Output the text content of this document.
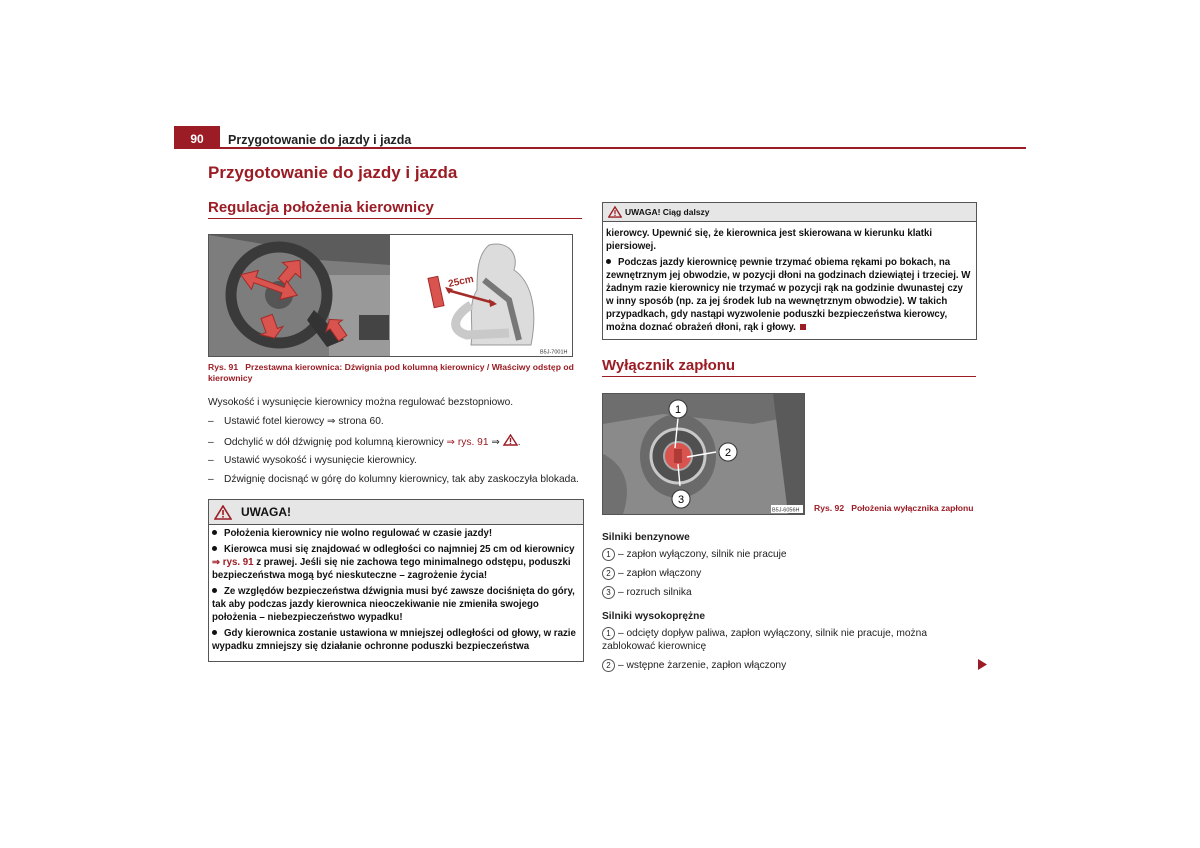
90	Przygotowanie do jazdy i jazda
Przygotowanie do jazdy i jazda
Regulacja położenia kierownicy
25cm
B5J-7001H
Rys. 91 Przestawna kierownica: Dźwignia pod kolumną kierownicy / Właściwy odstęp od kierownicy
Wysokość i wysunięcie kierownicy można regulować bezstopniowo.
– Ustawić fotel kierowcy ⇒ strona 60.
– Odchylić w dół dźwignię pod kolumną kierownicy ⇒ rys. 91 ⇒ .
– Ustawić wysokość i wysunięcie kierownicy.
– Dźwignię docisnąć w górę do kolumny kierownicy, tak aby zaskoczyła blokada.
UWAGA!
Położenia kierownicy nie wolno regulować w czasie jazdy!
Kierowca musi się znajdować w odległości co najmniej 25 cm od kierownicy ⇒ rys. 91 z prawej. Jeśli się nie zachowa tego minimalnego odstępu, poduszki bezpieczeństwa mogą być nieskuteczne – zagrożenie życia!
Ze względów bezpieczeństwa dźwignia musi być zawsze dociśnięta do góry, tak aby podczas jazdy kierownica nieoczekiwanie nie zmieniła swojego położenia – niebezpieczeństwo wypadku!
Gdy kierownica zostanie ustawiona w mniejszej odległości od głowy, w razie wypadku zmniejszy się działanie ochronne poduszki bezpieczeństwa
UWAGA! Ciąg dalszy
kierowcy. Upewnić się, że kierownica jest skierowana w kierunku klatki piersiowej.
Podczas jazdy kierownicę pewnie trzymać obiema rękami po bokach, na zewnętrznym jej obwodzie, w pozycji dłoni na godzinach dziewiątej i trzeciej. W żadnym razie kierownicy nie trzymać w pozycji rąk na godzinie dwunastej czy w inny sposób (np. za jej środek lub na wewnętrznym obwodzie). W takich przypadkach, gdy nastąpi wyzwolenie poduszki bezpieczeństwa kierowcy, można doznać obrażeń dłoni, rąk i głowy.
Wyłącznik zapłonu
1
2
3
B5J-6056H Rys. 92 Położenia wyłącznika zapłonu
Silniki benzynowe
1 – zapłon wyłączony, silnik nie pracuje
2 – zapłon włączony
3 – rozruch silnika
Silniki wysokoprężne
1 – odcięty dopływ paliwa, zapłon wyłączony, silnik nie pracuje, można zablokować kierownicę
2 – wstępne żarzenie, zapłon włączony
